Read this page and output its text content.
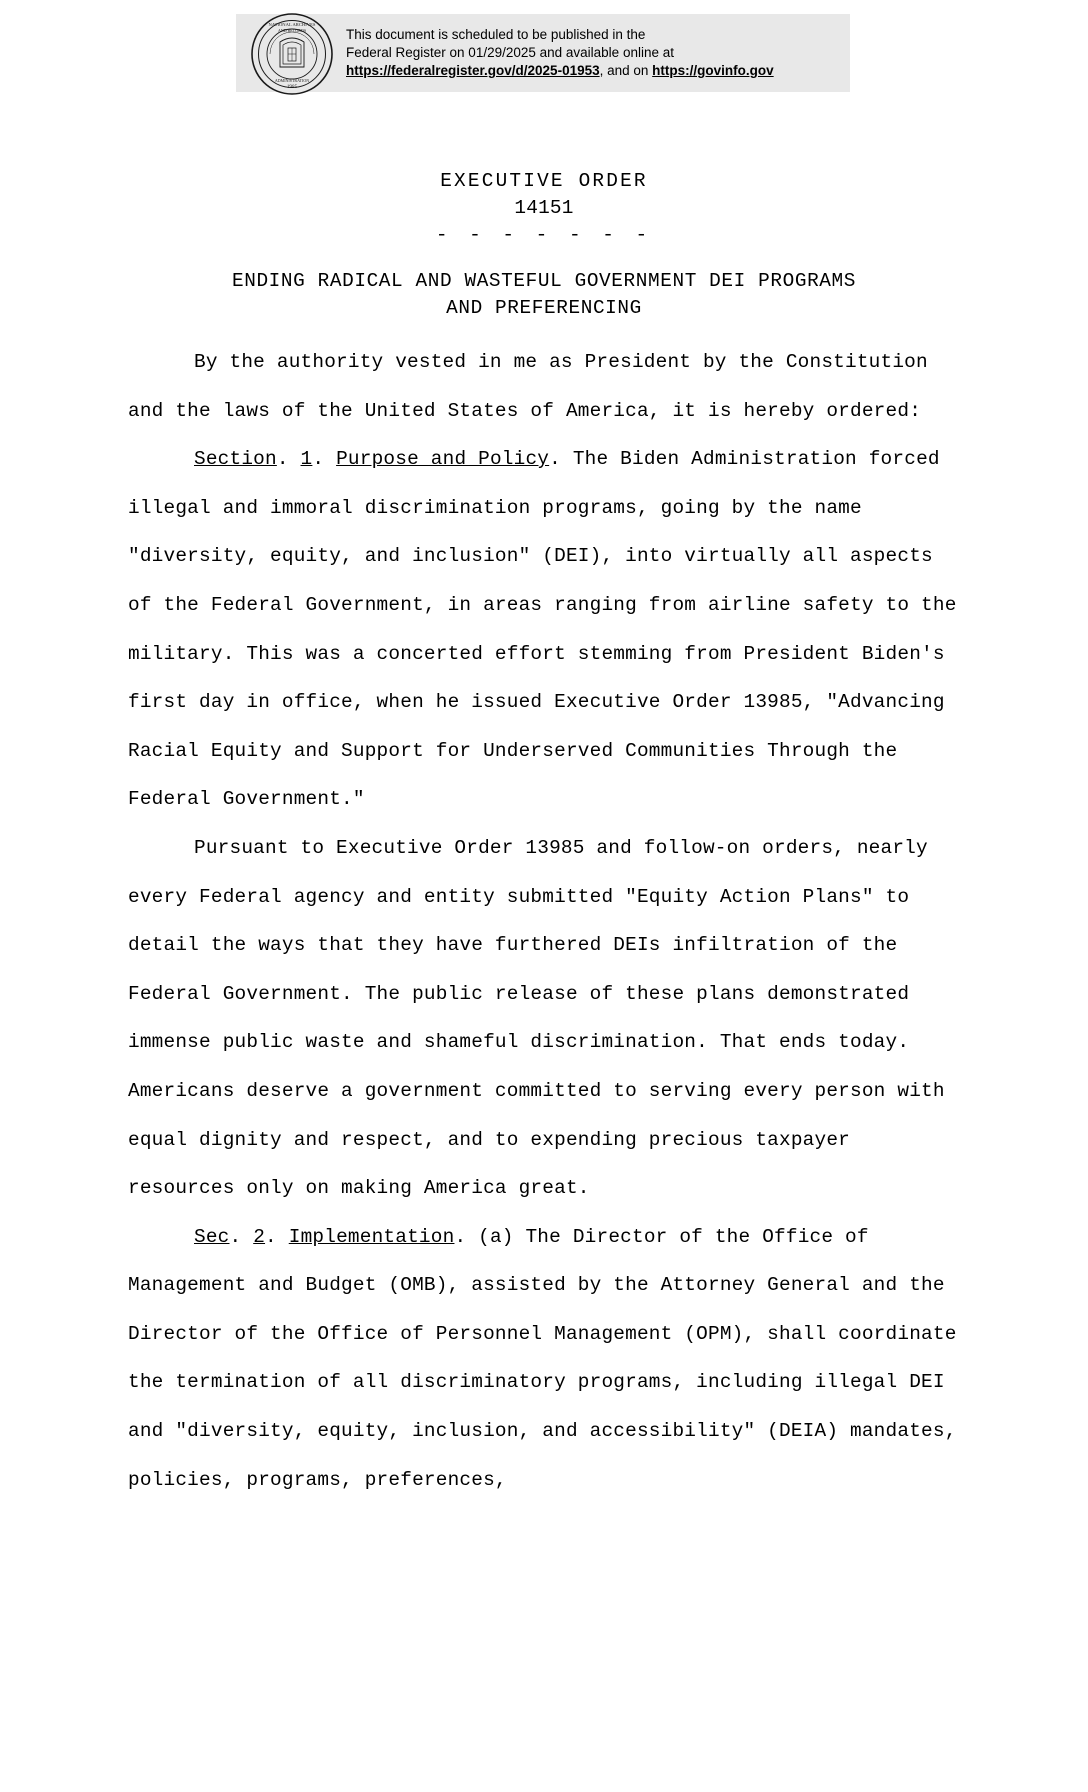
NATIONAL ARCHIVES
1985
AND RECORDS
ADMINISTRATION
This document is scheduled to be published in the
Federal Register on 01/29/2025 and available online at
https://federalregister.gov/d/2025-01953, and on https://govinfo.gov
EXECUTIVE ORDER
14151
- - - - - - -
ENDING RADICAL AND WASTEFUL GOVERNMENT DEI PROGRAMS
AND PREFERENCING

By the authority vested in me as President by the Constitution and the laws of the United States of America, it is hereby ordered:

Section. 1. Purpose and Policy. The Biden Administration forced illegal and immoral discrimination programs, going by the name "diversity, equity, and inclusion" (DEI), into virtually all aspects of the Federal Government, in areas ranging from airline safety to the military. This was a concerted effort stemming from President Biden's first day in office, when he issued Executive Order 13985, "Advancing Racial Equity and Support for Underserved Communities Through the Federal Government."

Pursuant to Executive Order 13985 and follow-on orders, nearly every Federal agency and entity submitted "Equity Action Plans" to detail the ways that they have furthered DEIs infiltration of the Federal Government. The public release of these plans demonstrated immense public waste and shameful discrimination. That ends today. Americans deserve a government committed to serving every person with equal dignity and respect, and to expending precious taxpayer resources only on making America great.

Sec. 2. Implementation. (a) The Director of the Office of Management and Budget (OMB), assisted by the Attorney General and the Director of the Office of Personnel Management (OPM), shall coordinate the termination of all discriminatory programs, including illegal DEI and "diversity, equity, inclusion, and accessibility" (DEIA) mandates, policies, programs, preferences,
